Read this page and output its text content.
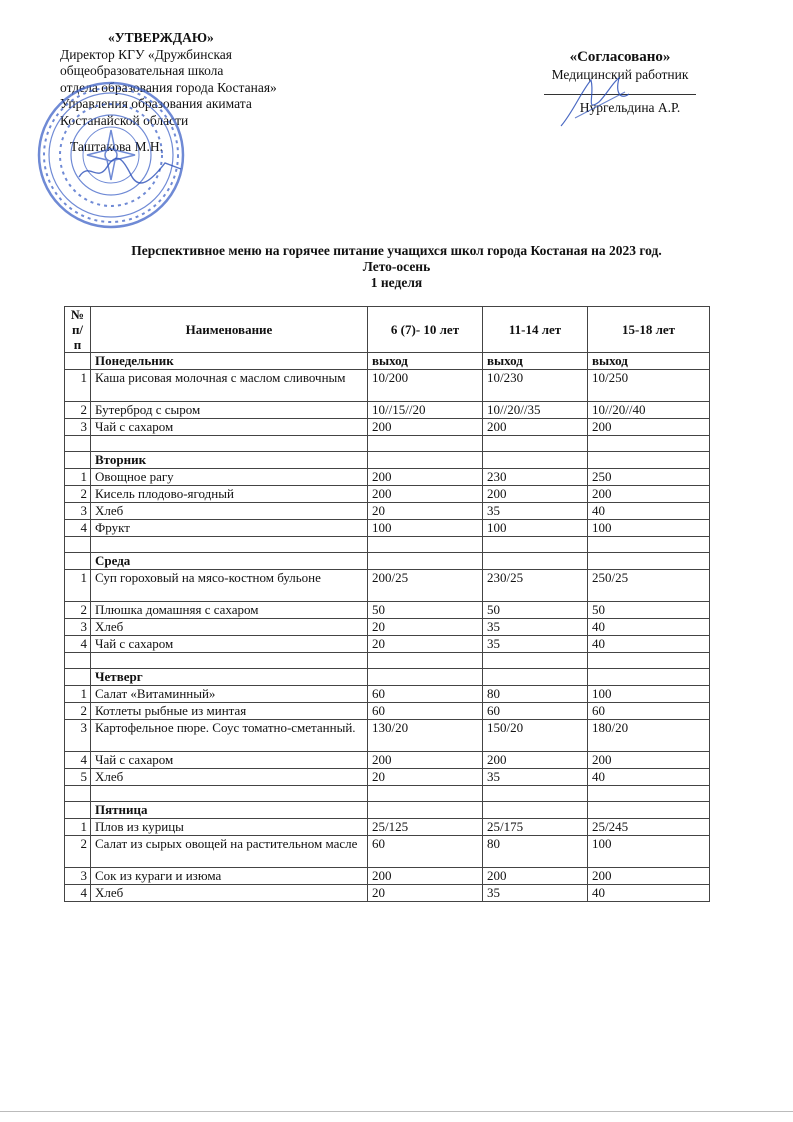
«УТВЕРЖДАЮ»
Директор КГУ «Дружбинская
общеобразовательная школа
отдела образования города Костаная»
Управления образования акимата
Костанайской области
Таштакова М.Н.
«Согласовано»
Медицинский работник
Нургельдина А.Р.
Перспективное меню на горячее питание учащихся школ города Костаная на 2023 год.
Лето-осень
1 неделя
№ п/п	Наименование	6 (7)- 10 лет	11-14 лет	15-18 лет
	Понедельник	выход	выход	выход
1	Каша рисовая молочная с маслом сливочным	10/200	10/230	10/250
2	Бутерброд с сыром	10//15//20	10//20//35	10//20//40
3	Чай с сахаром	200	200	200

	Вторник			
1	Овощное рагу	200	230	250
2	Кисель плодово-ягодный	200	200	200
3	Хлеб	20	35	40
4	Фрукт	100	100	100

	Среда			
1	Суп гороховый на мясо-костном бульоне	200/25	230/25	250/25
2	Плюшка домашняя с сахаром	50	50	50
3	Хлеб	20	35	40
4	Чай с сахаром	20	35	40

	Четверг			
1	Салат «Витаминный»	60	80	100
2	Котлеты рыбные из минтая	60	60	60
3	Картофельное пюре. Соус томатно-сметанный.	130/20	150/20	180/20
4	Чай с сахаром	200	200	200
5	Хлеб	20	35	40

	Пятница			
1	Плов из курицы	25/125	25/175	25/245
2	Салат из сырых овощей на растительном масле	60	80	100
3	Сок из кураги и изюма	200	200	200
4	Хлеб	20	35	40
